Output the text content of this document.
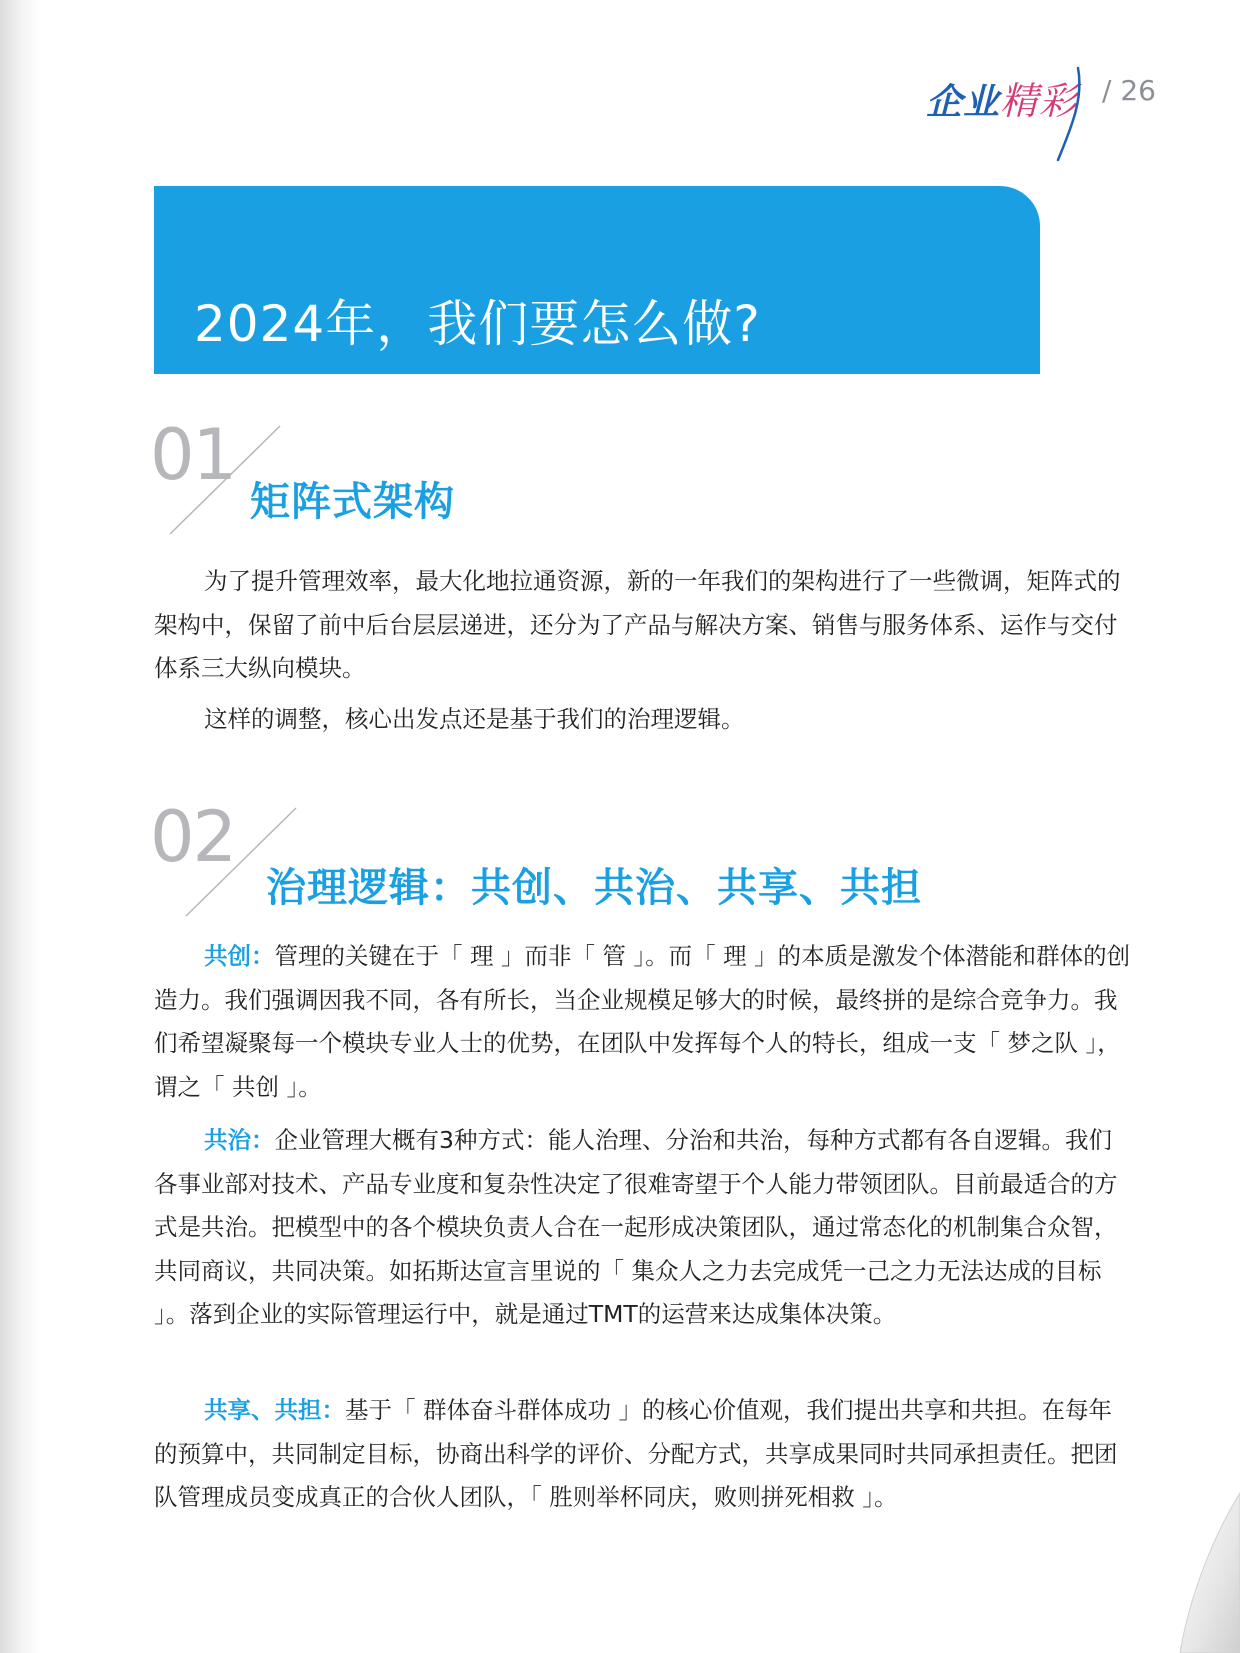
企业精彩 / 26
2024年，我们要怎么做?
01
矩阵式架构

为了提升管理效率，最大化地拉通资源，新的一年我们的架构进行了一些微调，矩阵式的架构中，保留了前中后台层层递进，还分为了产品与解决方案、销售与服务体系、运作与交付体系三大纵向模块。

这样的调整，核心出发点还是基于我们的治理逻辑。

02
治理逻辑：共创、共治、共享、共担

共创：管理的关键在于「 理 」而非「 管 」。而「 理 」的本质是激发个体潜能和群体的创造力。我们强调因我不同，各有所长，当企业规模足够大的时候，最终拼的是综合竞争力。我们希望凝聚每一个模块专业人士的优势，在团队中发挥每个人的特长，组成一支「 梦之队 」，谓之「 共创 」。

共治：企业管理大概有3种方式：能人治理、分治和共治，每种方式都有各自逻辑。我们各事业部对技术、产品专业度和复杂性决定了很难寄望于个人能力带领团队。目前最适合的方式是共治。把模型中的各个模块负责人合在一起形成决策团队，通过常态化的机制集合众智，共同商议，共同决策。如拓斯达宣言里说的「 集众人之力去完成凭一己之力无法达成的目标 」。落到企业的实际管理运行中，就是通过TMT的运营来达成集体决策。

共享、共担：基于「 群体奋斗群体成功 」的核心价值观，我们提出共享和共担。在每年的预算中，共同制定目标，协商出科学的评价、分配方式，共享成果同时共同承担责任。把团队管理成员变成真正的合伙人团队，「 胜则举杯同庆，败则拼死相救 」。
